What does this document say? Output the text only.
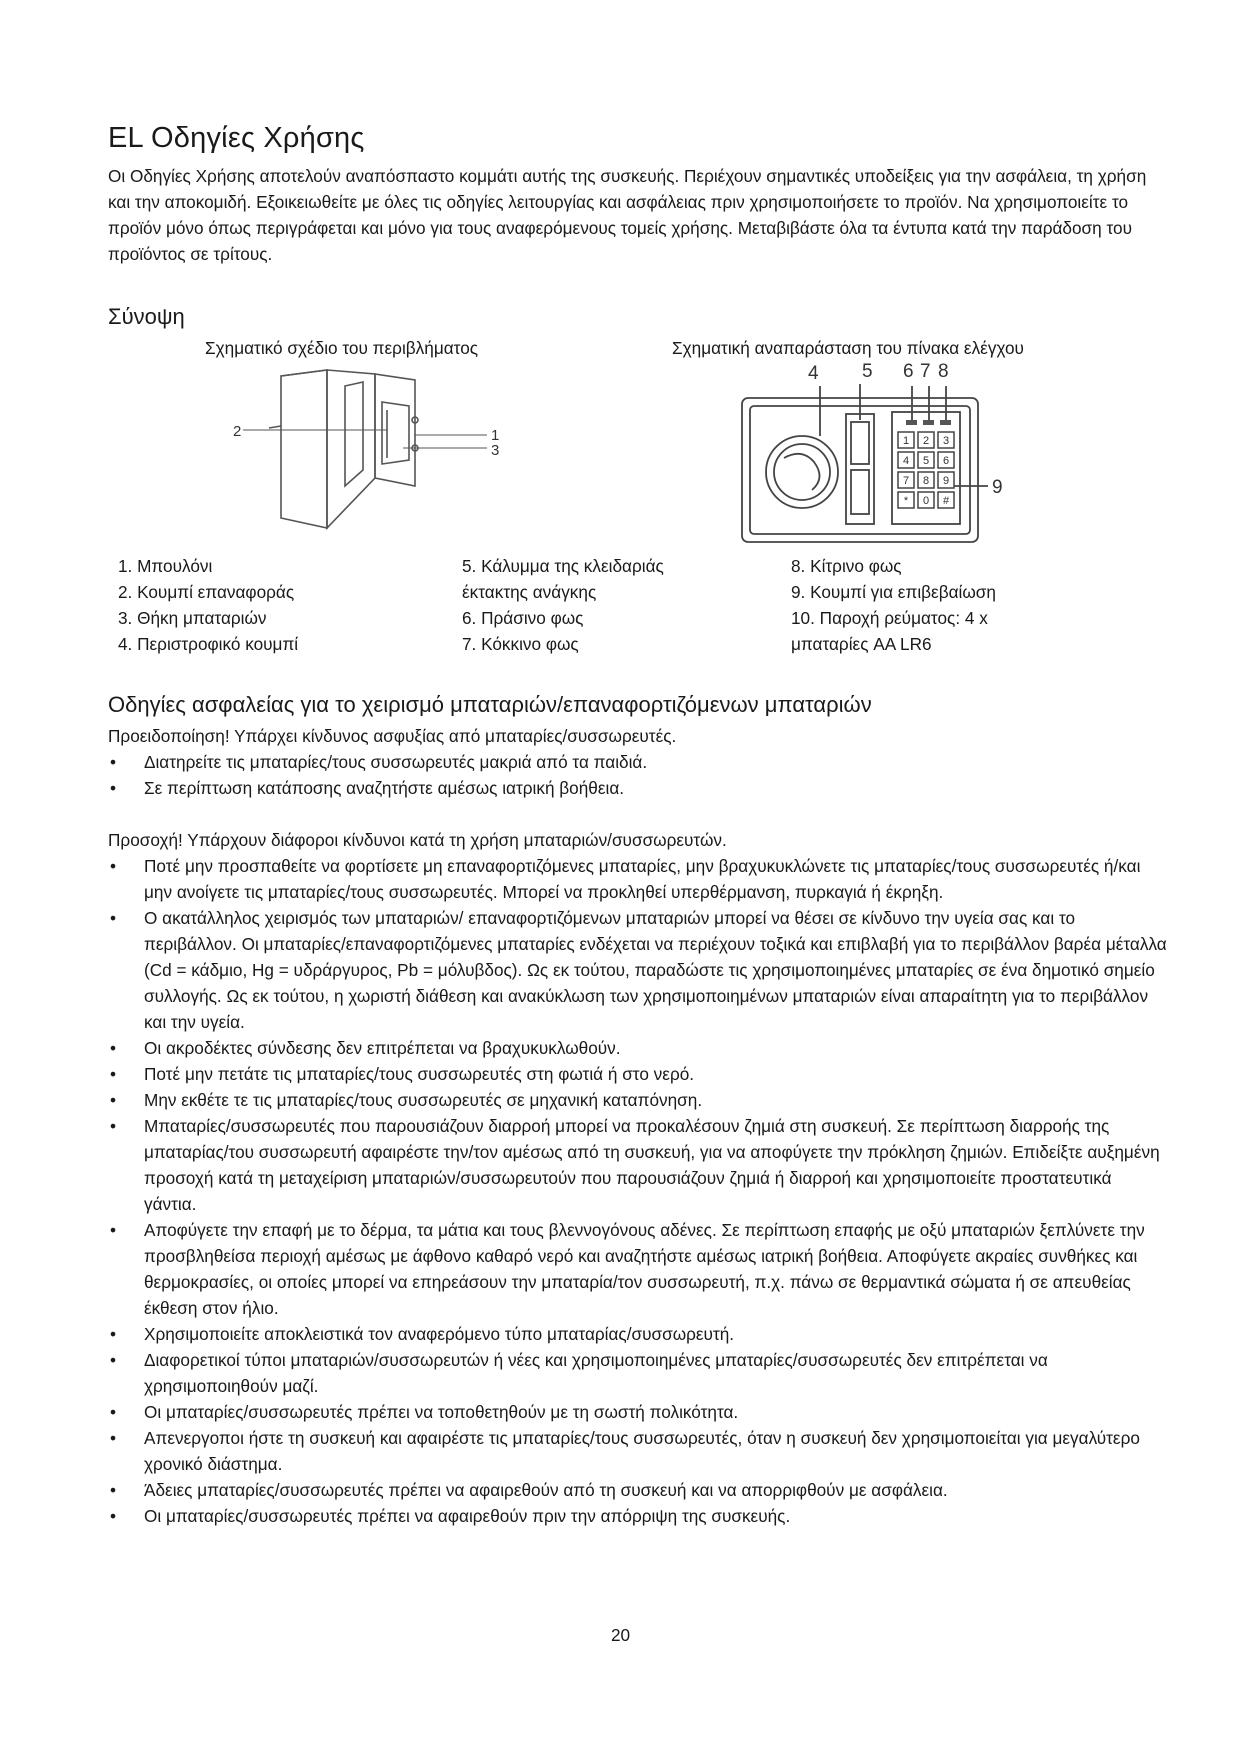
EL Οδηγίες Χρήσης
Οι Οδηγίες Χρήσης αποτελούν αναπόσπαστο κομμάτι αυτής της συσκευής. Περιέχουν σημαντικές υποδείξεις για την ασφάλεια, τη χρήση και την αποκομιδή. Εξοικειωθείτε με όλες τις οδηγίες λειτουργίας και ασφάλειας πριν χρησιμοποιήσετε το προϊόν. Να χρησιμοποιείτε το προϊόν μόνο όπως περιγράφεται και μόνο για τους αναφερόμενους τομείς χρήσης. Μεταβιβάστε όλα τα έντυπα κατά την παράδοση του προϊόντος σε τρίτους.
Σύνοψη
Σχηματικό σχέδιο του περιβλήματος	Σχηματική αναπαράσταση του πίνακα ελέγχου
2	1
3
4 5 6 7 8
9
1 2 3
4 5 6
7 8 9
* 0 #
1. Μπουλόνι
2. Κουμπί επαναφοράς
3. Θήκη μπαταριών
4. Περιστροφικό κουμπί
5. Κάλυμμα της κλειδαριάς
έκτακτης ανάγκης
6. Πράσινο φως
7. Κόκκινο φως
8. Κίτρινο φως
9. Κουμπί για επιβεβαίωση
10. Παροχή ρεύματος: 4 x
μπαταρίες AA LR6
Οδηγίες ασφαλείας για το χειρισμό μπαταριών/επαναφορτιζόμενων μπαταριών
Προειδοποίηση! Υπάρχει κίνδυνος ασφυξίας από μπαταρίες/συσσωρευτές.
• Διατηρείτε τις μπαταρίες/τους συσσωρευτές μακριά από τα παιδιά.
• Σε περίπτωση κατάποσης αναζητήστε αμέσως ιατρική βοήθεια.
Προσοχή! Υπάρχουν διάφοροι κίνδυνοι κατά τη χρήση μπαταριών/συσσωρευτών.
• Ποτέ μην προσπαθείτε να φορτίσετε μη επαναφορτιζόμενες μπαταρίες, μην βραχυκυκλώνετε τις μπαταρίες/τους συσσωρευτές ή/και μην ανοίγετε τις μπαταρίες/τους συσσωρευτές. Μπορεί να προκληθεί υπερθέρμανση, πυρκαγιά ή έκρηξη.
• Ο ακατάλληλος χειρισμός των μπαταριών/ επαναφορτιζόμενων μπαταριών μπορεί να θέσει σε κίνδυνο την υγεία σας και το περιβάλλον. Οι μπαταρίες/επαναφορτιζόμενες μπαταρίες ενδέχεται να περιέχουν τοξικά και επιβλαβή για το περιβάλλον βαρέα μέταλλα (Cd = κάδμιο, Hg = υδράργυρος, Pb = μόλυβδος). Ως εκ τούτου, παραδώστε τις χρησιμοποιημένες μπαταρίες σε ένα δημοτικό σημείο συλλογής. Ως εκ τούτου, η χωριστή διάθεση και ανακύκλωση των χρησιμοποιημένων μπαταριών είναι απαραίτητη για το περιβάλλον και την υγεία.
• Οι ακροδέκτες σύνδεσης δεν επιτρέπεται να βραχυκυκλωθούν.
• Ποτέ μην πετάτε τις μπαταρίες/τους συσσωρευτές στη φωτιά ή στο νερό.
• Μην εκθέτε τε τις μπαταρίες/τους συσσωρευτές σε μηχανική καταπόνηση.
• Μπαταρίες/συσσωρευτές που παρουσιάζουν διαρροή μπορεί να προκαλέσουν ζημιά στη συσκευή. Σε περίπτωση διαρροής της μπαταρίας/του συσσωρευτή αφαιρέστε την/τον αμέσως από τη συσκευή, για να αποφύγετε την πρόκληση ζημιών. Επιδείξτε αυξημένη προσοχή κατά τη μεταχείριση μπαταριών/συσσωρευτούν που παρουσιάζουν ζημιά ή διαρροή και χρησιμοποιείτε προστατευτικά γάντια.
• Αποφύγετε την επαφή με το δέρμα, τα μάτια και τους βλεννογόνους αδένες. Σε περίπτωση επαφής με οξύ μπαταριών ξεπλύνετε την προσβληθείσα περιοχή αμέσως με άφθονο καθαρό νερό και αναζητήστε αμέσως ιατρική βοήθεια. Αποφύγετε ακραίες συνθήκες και θερμοκρασίες, οι οποίες μπορεί να επηρεάσουν την μπαταρία/τον συσσωρευτή, π.χ. πάνω σε θερμαντικά σώματα ή σε απευθείας έκθεση στον ήλιο.
• Χρησιμοποιείτε αποκλειστικά τον αναφερόμενο τύπο μπαταρίας/συσσωρευτή.
• Διαφορετικοί τύποι μπαταριών/συσσωρευτών ή νέες και χρησιμοποιημένες μπαταρίες/συσσωρευτές δεν επιτρέπεται να χρησιμοποιηθούν μαζί.
• Οι μπαταρίες/συσσωρευτές πρέπει να τοποθετηθούν με τη σωστή πολικότητα.
• Απενεργοποι ήστε τη συσκευή και αφαιρέστε τις μπαταρίες/τους συσσωρευτές, όταν η συσκευή δεν χρησιμοποιείται για μεγαλύτερο χρονικό διάστημα.
• Άδειες μπαταρίες/συσσωρευτές πρέπει να αφαιρεθούν από τη συσκευή και να απορριφθούν με ασφάλεια.
• Οι μπαταρίες/συσσωρευτές πρέπει να αφαιρεθούν πριν την απόρριψη της συσκευής.
20
